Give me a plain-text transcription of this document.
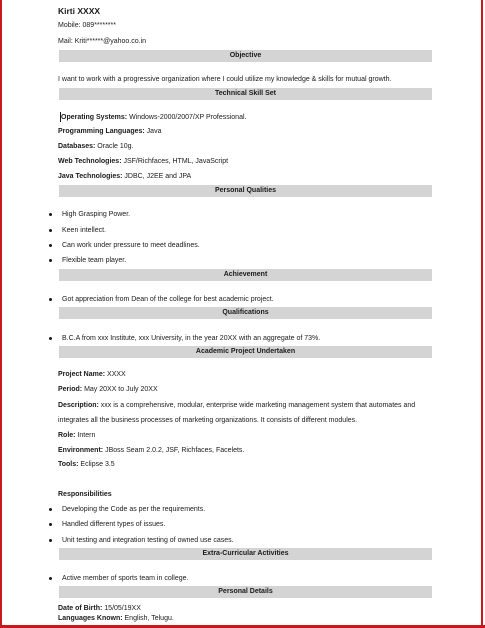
Kirti XXXX
Mobile: 089********
Mail: Kriti******@yahoo.co.in
Objective
I want to work with a progressive organization where I could utilize my knowledge & skills for mutual growth.
Technical Skill Set
Operating Systems: Windows-2000/2007/XP Professional.
Programming Languages: Java
Databases: Oracle 10g.
Web Technologies: JSF/Richfaces, HTML, JavaScript
Java Technologies: JDBC, J2EE and JPA
Personal Qualities
High Grasping Power.
Keen intellect.
Can work under pressure to meet deadlines.
Flexible team player.
Achievement
Got appreciation from Dean of the college for best academic project.
Qualifications
B.C.A from xxx Institute, xxx University, in the year 20XX with an aggregate of 73%.
Academic Project Undertaken
Project Name: XXXX
Period: May 20XX to July 20XX
Description: xxx is a comprehensive, modular, enterprise wide marketing management system that automates and
integrates all the business processes of marketing organizations. It consists of different modules.
Role: Intern
Environment: JBoss Seam 2.0.2, JSF, Richfaces, Facelets.
Tools: Eclipse 3.5
Responsibilities
Developing the Code as per the requirements.
Handled different types of issues.
Unit testing and integration testing of owned use cases.
Extra-Curricular Activities
Active member of sports team in college.
Personal Details
Date of Birth: 15/05/19XX
Languages Known: English, Telugu.
